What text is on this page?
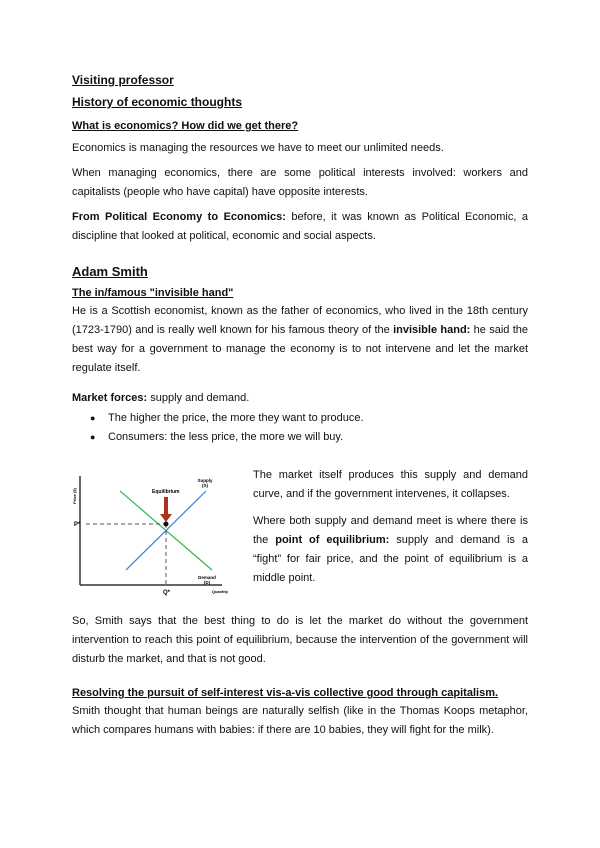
Visiting professor
History of economic thoughts
What is economics? How did we get there?
Economics is managing the resources we have to meet our unlimited needs.
When managing economics, there are some political interests involved: workers and capitalists (people who have capital) have opposite interests.
From Political Economy to Economics: before, it was known as Political Economic, a discipline that looked at political, economic and social aspects.
Adam Smith
The in/famous "invisible hand"
He is a Scottish economist, known as the father of economics, who lived in the 18th century (1723-1790) and is really well known for his famous theory of the invisible hand: he said the best way for a government to manage the economy is to not intervene and let the market regulate itself.
Market forces: supply and demand.
● The higher the price, the more they want to produce.
● Consumers: the less price, the more we will buy.
Equilibrium
Supply
(S)
Demand
(D)
P*
Q*	Quantity
Price ($)
The market itself produces this supply and demand curve, and if the government intervenes, it collapses.
Where both supply and demand meet is where there is the point of equilibrium: supply and demand is a “fight” for fair price, and the point of equilibrium is a middle point.
So, Smith says that the best thing to do is let the market do without the government intervention to reach this point of equilibrium, because the intervention of the government will disturb the market, and that is not good.
Resolving the pursuit of self-interest vis-a-vis collective good through capitalism.
Smith thought that human beings are naturally selfish (like in the Thomas Koops metaphor, which compares humans with babies: if there are 10 babies, they will fight for the milk).
